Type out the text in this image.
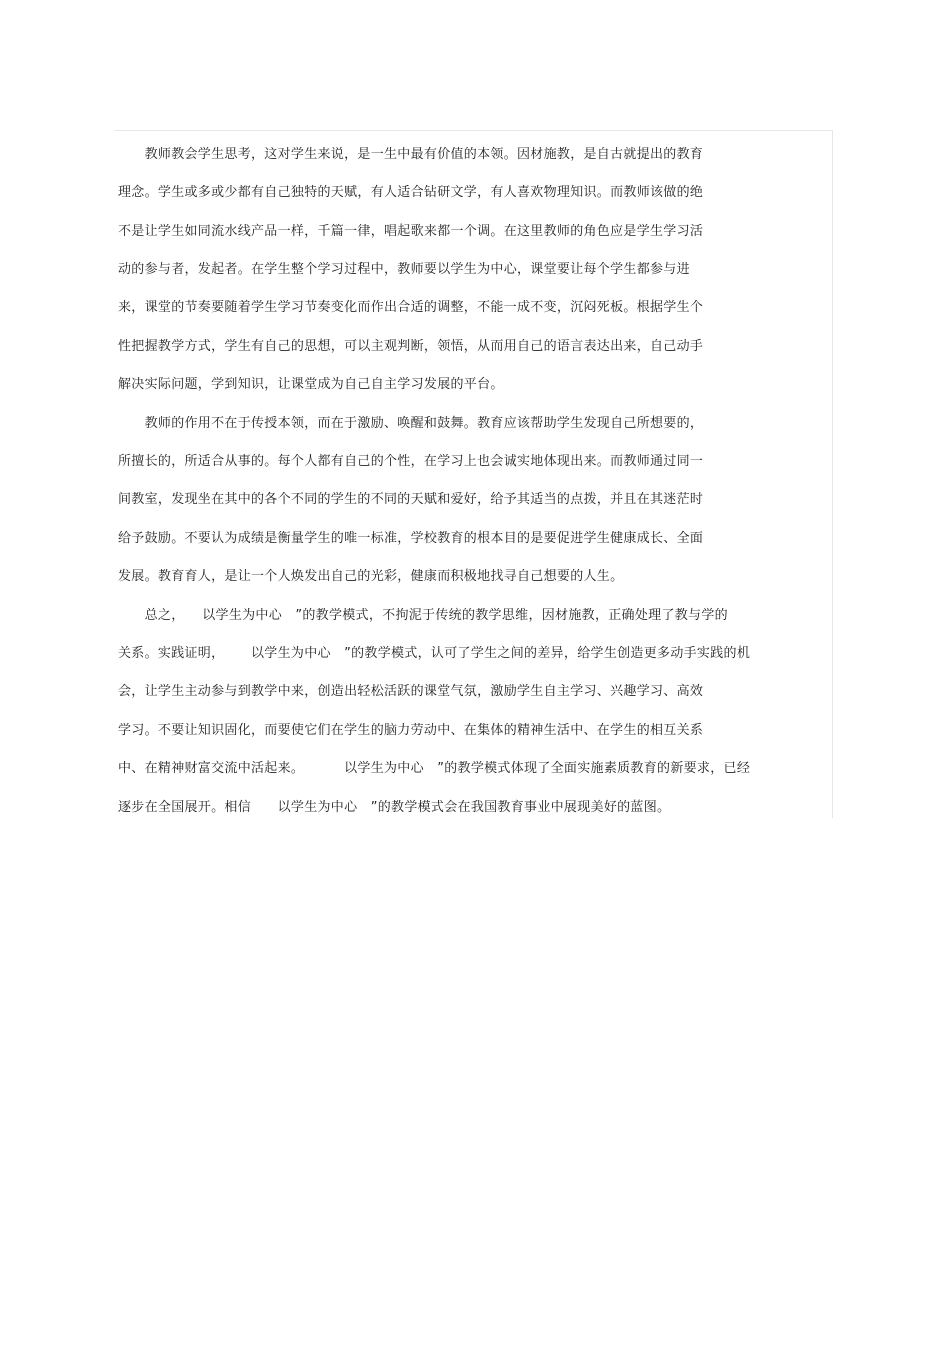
教师教会学生思考，这对学生来说，是一生中最有价值的本领。因材施教，是自古就提出的教育
理念。学生或多或少都有自己独特的天赋，有人适合钻研文学，有人喜欢物理知识。而教师该做的绝
不是让学生如同流水线产品一样，千篇一律，唱起歌来都一个调。在这里教师的角色应是学生学习活
动的参与者，发起者。在学生整个学习过程中，教师要以学生为中心，课堂要让每个学生都参与进
来，课堂的节奏要随着学生学习节奏变化而作出合适的调整，不能一成不变，沉闷死板。根据学生个
性把握教学方式，学生有自己的思想，可以主观判断，领悟，从而用自己的语言表达出来，自己动手
解决实际问题，学到知识，让课堂成为自己自主学习发展的平台。
教师的作用不在于传授本领，而在于激励、唤醒和鼓舞。教育应该帮助学生发现自己所想要的，
所擅长的，所适合从事的。每个人都有自己的个性，在学习上也会诚实地体现出来。而教师通过同一
间教室，发现坐在其中的各个不同的学生的不同的天赋和爱好，给予其适当的点拨，并且在其迷茫时
给予鼓励。不要认为成绩是衡量学生的唯一标准，学校教育的根本目的是要促进学生健康成长、全面
发展。教育育人，是让一个人焕发出自己的光彩，健康而积极地找寻自己想要的人生。
总之，    以学生为中心   ”的教学模式，不拘泥于传统的教学思维，因材施教，正确处理了教与学的
关系。实践证明，      以学生为中心   ”的教学模式，认可了学生之间的差异，给学生创造更多动手实践的机
会，让学生主动参与到教学中来，创造出轻松活跃的课堂气氛，激励学生自主学习、兴趣学习、高效
学习。不要让知识固化，而要使它们在学生的脑力劳动中、在集体的精神生活中、在学生的相互关系
中、在精神财富交流中活起来。         以学生为中心   ”的教学模式体现了全面实施素质教育的新要求，已经
逐步在全国展开。相信      以学生为中心   ”的教学模式会在我国教育事业中展现美好的蓝图。
